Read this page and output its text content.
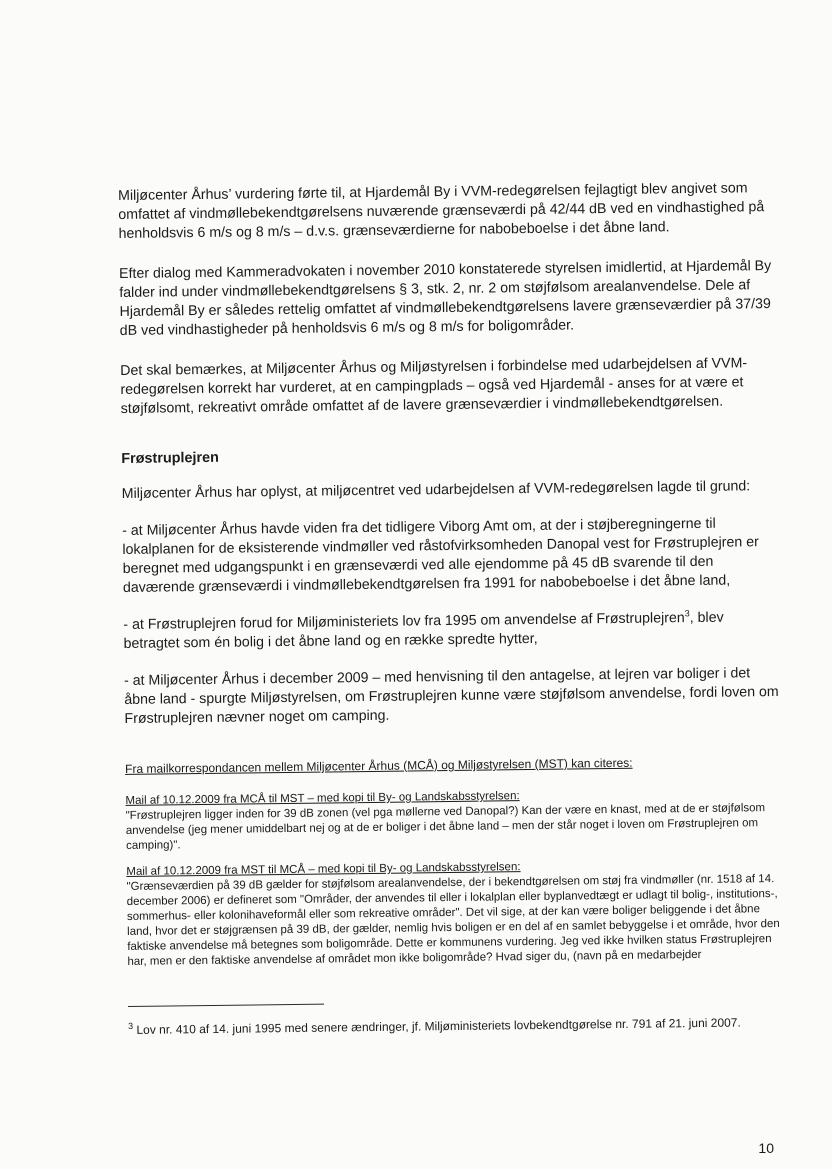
Miljøcenter Århus’ vurdering førte til, at Hjardemål By i VVM-redegørelsen fejlagtigt blev angivet som omfattet af vindmøllebekendtgørelsens nuværende grænseværdi på 42/44 dB ved en vindhastighed på henholdsvis 6 m/s og 8 m/s – d.v.s. grænseværdierne for nabobeboelse i det åbne land.

Efter dialog med Kammeradvokaten i november 2010 konstaterede styrelsen imidlertid, at Hjardemål By falder ind under vindmøllebekendtgørelsens § 3, stk. 2, nr. 2 om støjfølsom arealanvendelse. Dele af Hjardemål By er således rettelig omfattet af vindmøllebekendtgørelsens lavere grænseværdier på 37/39 dB ved vindhastigheder på henholdsvis 6 m/s og 8 m/s for boligområder.

Det skal bemærkes, at Miljøcenter Århus og Miljøstyrelsen i forbindelse med udarbejdelsen af VVM-redegørelsen korrekt har vurderet, at en campingplads – også ved Hjardemål - anses for at være et støjfølsomt, rekreativt område omfattet af de lavere grænseværdier i vindmøllebekendtgørelsen.

Frøstruplejren

Miljøcenter Århus har oplyst, at miljøcentret ved udarbejdelsen af VVM-redegørelsen lagde til grund:

- at Miljøcenter Århus havde viden fra det tidligere Viborg Amt om, at der i støjberegningerne til lokalplanen for de eksisterende vindmøller ved råstofvirksomheden Danopal vest for Frøstruplejren er beregnet med udgangspunkt i en grænseværdi ved alle ejendomme på 45 dB svarende til den daværende grænseværdi i vindmøllebekendtgørelsen fra 1991 for nabobeboelse i det åbne land,

- at Frøstruplejren forud for Miljøministeriets lov fra 1995 om anvendelse af Frøstruplejren$^3$, blev betragtet som én bolig i det åbne land og en række spredte hytter,

- at Miljøcenter Århus i december 2009 – med henvisning til den antagelse, at lejren var boliger i det åbne land - spurgte Miljøstyrelsen, om Frøstruplejren kunne være støjfølsom anvendelse, fordi loven om Frøstruplejren nævner noget om camping.

Fra mailkorrespondancen mellem Miljøcenter Århus (MCÅ) og Miljøstyrelsen (MST) kan citeres:

Mail af 10.12.2009 fra MCÅ til MST – med kopi til By- og Landskabsstyrelsen:
"Frøstruplejren ligger inden for 39 dB zonen (vel pga møllerne ved Danopal?) Kan der være en knast, med at de er støjfølsom anvendelse (jeg mener umiddelbart nej og at de er boliger i det åbne land – men der står noget i loven om Frøstruplejren om camping)".
Mail af 10.12.2009 fra MST til MCÅ – med kopi til By- og Landskabsstyrelsen:
"Grænseværdien på 39 dB gælder for støjfølsom arealanvendelse, der i bekendtgørelsen om støj fra vindmøller (nr. 1518 af 14. december 2006) er defineret som "Områder, der anvendes til eller i lokalplan eller byplanvedtægt er udlagt til bolig-, institutions-, sommerhus- eller kolonihaveformål eller som rekreative områder". Det vil sige, at der kan være boliger beliggende i det åbne land, hvor det er støjgrænsen på 39 dB, der gælder, nemlig hvis boligen er en del af en samlet bebyggelse i et område, hvor den faktiske anvendelse må betegnes som boligområde. Dette er kommunens vurdering. Jeg ved ikke hvilken status Frøstruplejren har, men er den faktiske anvendelse af området mon ikke boligområde? Hvad siger du, (navn på en medarbejder

$^3$ Lov nr. 410 af 14. juni 1995 med senere ændringer, jf. Miljøministeriets lovbekendtgørelse nr. 791 af 21. juni 2007.

10
